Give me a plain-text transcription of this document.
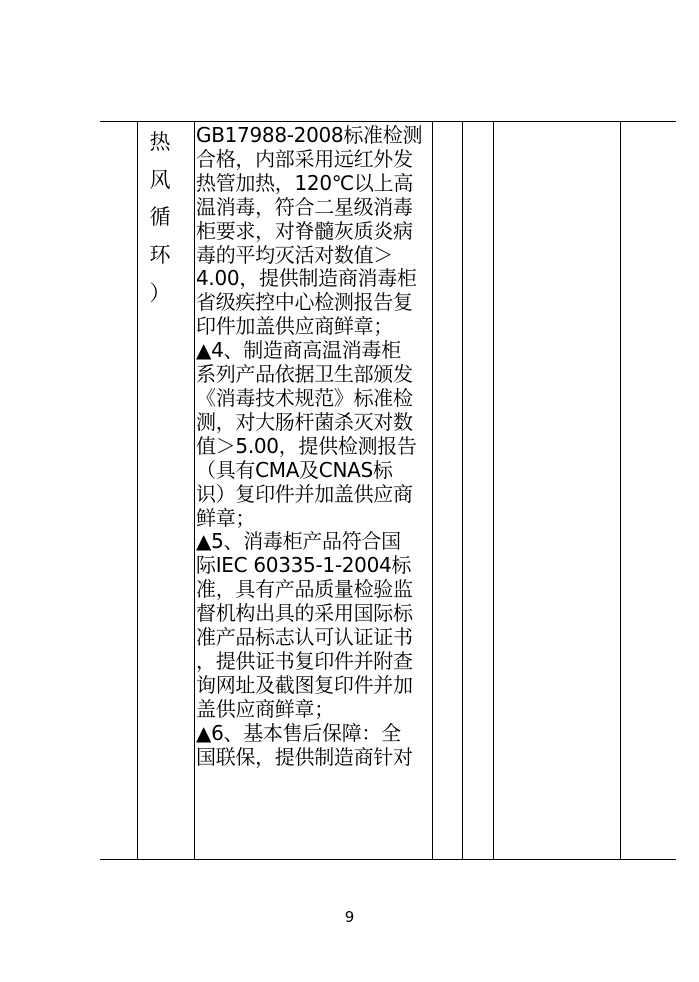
热
风
循
环
）
GB17988-2008标准检测
合格，内部采用远红外发
热管加热，120℃以上高
温消毒，符合二星级消毒
柜要求，对脊髓灰质炎病
毒的平均灭活对数值＞
4.00，提供制造商消毒柜
省级疾控中心检测报告复
印件加盖供应商鲜章；
▲4、制造商高温消毒柜
系列产品依据卫生部颁发
《消毒技术规范》标准检
测，对大肠杆菌杀灭对数
值＞5.00，提供检测报告
（具有CMA及CNAS标
识）复印件并加盖供应商
鲜章；
▲5、消毒柜产品符合国
际IEC 60335-1-2004标
准，具有产品质量检验监
督机构出具的采用国际标
准产品标志认可认证证书
，提供证书复印件并附查
询网址及截图复印件并加
盖供应商鲜章；
▲6、基本售后保障：全
国联保，提供制造商针对
9
